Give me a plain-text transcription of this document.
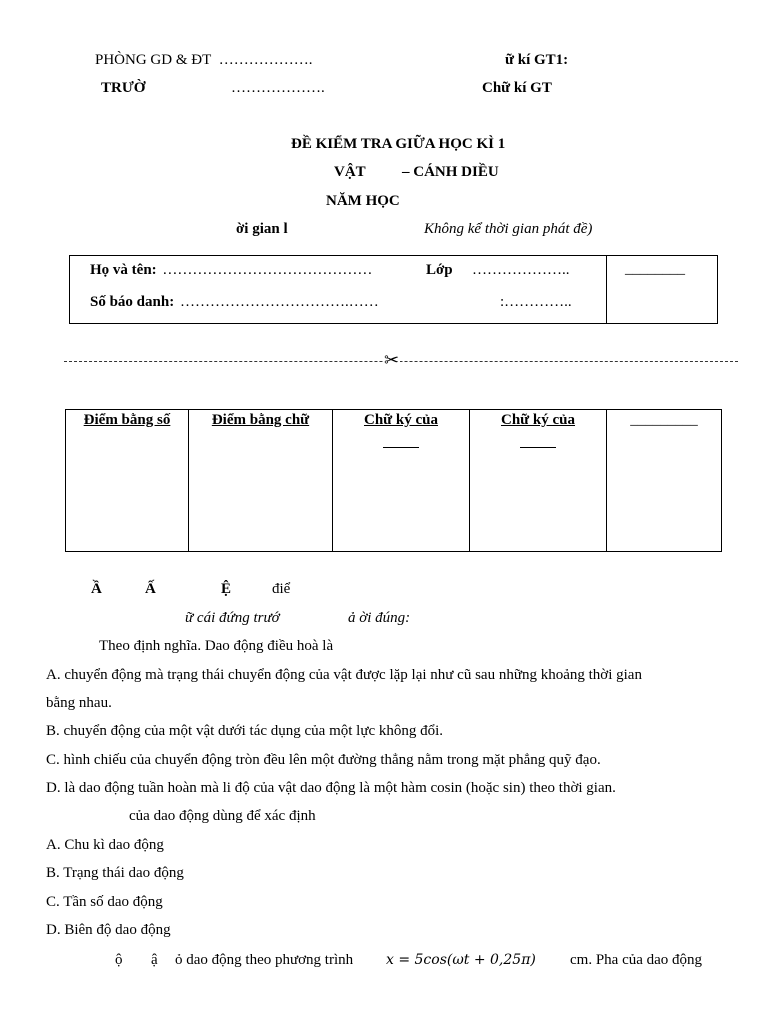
PHÒNG GD & ĐT ……………….
TRƯỜ	……………….
ữ kí GT1:
Chữ kí GT
ĐỀ KIỂM TRA GIỮA HỌC KÌ 1
VẬT – CÁNH DIỀU
NĂM HỌC
ời gian l	Không kể thời gian phát đề)
Họ và tên: ……………………………………	Lớp ………………..
Số báo danh: …………………………….……	:…………..
________
✂
Điểm bằng số	Điểm bằng chữ	Chữ ký của	Chữ ký của	_________
Ầ	Ấ	Ệ	điể
ữ cái đứng trướ	ả ời đúng:
Theo định nghĩa. Dao động điều hoà là
A. chuyển động mà trạng thái chuyển động của vật được lặp lại như cũ sau những khoảng thời gian
bằng nhau.
B. chuyển động của một vật dưới tác dụng của một lực không đổi.
C. hình chiếu của chuyển động tròn đều lên một đường thẳng nằm trong mặt phẳng quỹ đạo.
D. là dao động tuần hoàn mà li độ của vật dao động là một hàm cosin (hoặc sin) theo thời gian.
của dao động dùng để xác định
A. Chu kì dao động
B. Trạng thái dao động
C. Tần số dao động
D. Biên độ dao động
ộ ậ ỏ dao động theo phương trình x = 5cos(ωt + 0,25π) cm. Pha của dao động
